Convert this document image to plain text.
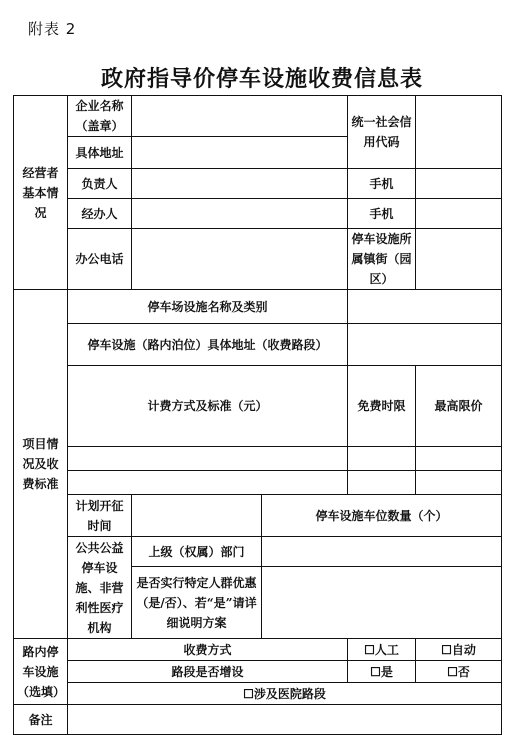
附表 2
政府指导价停车设施收费信息表
经营者基本情况	企业名称（盖章）			统一社会信用代码		
	具体地址					
	负责人			手机		
	经办人			手机		
	办公电话			停车设施所属镇街（园区）		
项目情况及收费标准	停车场设施名称及类别					
	停车设施（路内泊位）具体地址（收费路段）					
	计费方式及标准（元）			免费时限	最高限价	

	计划开征时间		停车设施车位数量（个）			
	公共公益停车设施、非营利性医疗机构	上级（权属）部门				
		是否实行特定人群优惠（是/否）、若“是”请详细说明方案				
路内停车设施（选填）	收费方式			☐人工	☐自动	
	路段是否增设			☐是	☐否	
	☐涉及医院路段					
备注						
